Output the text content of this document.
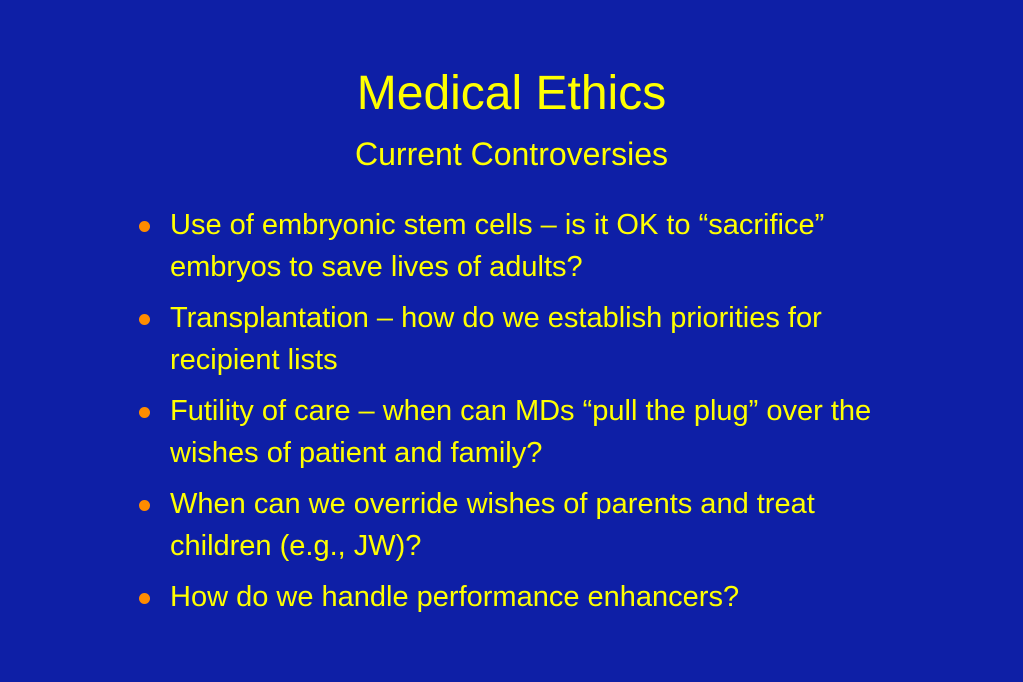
Medical Ethics
Current Controversies
Use of embryonic stem cells – is it OK to “sacrifice” embryos to save lives of adults?
Transplantation – how do we establish priorities for recipient lists
Futility of care – when can MDs “pull the plug” over the wishes of patient and family?
When can we override wishes of parents and treat children (e.g., JW)?
How do we handle performance enhancers?
